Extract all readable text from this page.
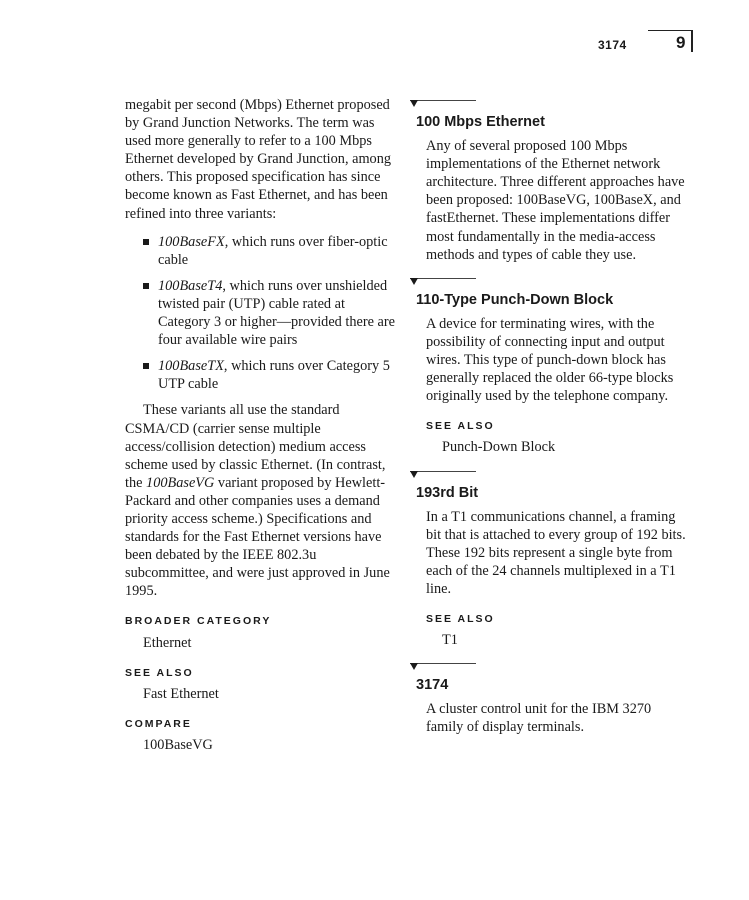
3174	9

megabit per second (Mbps) Ethernet proposed by Grand Junction Networks. The term was used more generally to refer to a 100 Mbps Ethernet developed by Grand Junction, among others. This proposed specification has since become known as Fast Ethernet, and has been refined into three variants:

100BaseFX, which runs over fiber-optic cable
100BaseT4, which runs over unshielded twisted pair (UTP) cable rated at Category 3 or higher—provided there are four available wire pairs
100BaseTX, which runs over Category 5 UTP cable

These variants all use the standard CSMA/CD (carrier sense multiple access/collision detection) medium access scheme used by classic Ethernet. (In contrast, the 100BaseVG variant proposed by Hewlett-Packard and other companies uses a demand priority access scheme.) Specifications and standards for the Fast Ethernet versions have been debated by the IEEE 802.3u subcommittee, and were just approved in June 1995.

BROADER CATEGORY
Ethernet
SEE ALSO
Fast Ethernet
COMPARE
100BaseVG
100 Mbps Ethernet

Any of several proposed 100 Mbps implementations of the Ethernet network architecture. Three different approaches have been proposed: 100BaseVG, 100BaseX, and fastEthernet. These implementations differ most fundamentally in the media-access methods and types of cable they use.

110-Type Punch-Down Block

A device for terminating wires, with the possibility of connecting input and output wires. This type of punch-down block has generally replaced the older 66-type blocks originally used by the telephone company.

SEE ALSO
Punch-Down Block
193rd Bit

In a T1 communications channel, a framing bit that is attached to every group of 192 bits. These 192 bits represent a single byte from each of the 24 channels multiplexed in a T1 line.

SEE ALSO
T1
3174

A cluster control unit for the IBM 3270 family of display terminals.
